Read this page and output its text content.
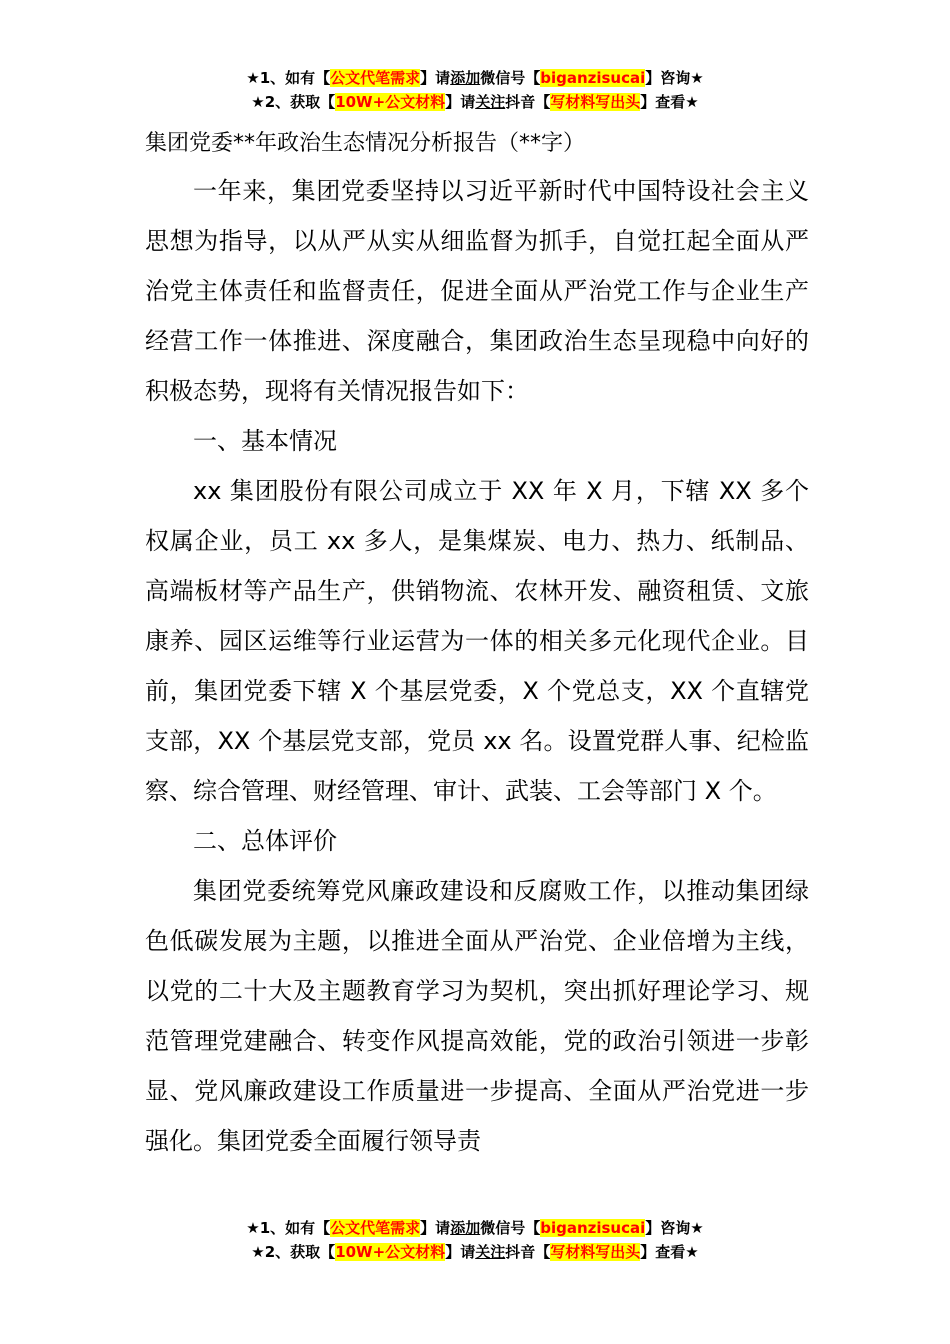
★1、如有【公文代笔需求】请添加微信号【biganzisucai】咨询★
★2、获取【10W+公文材料】请关注抖音【写材料写出头】查看★
集团党委**年政治生态情况分析报告（**字）

一年来，集团党委坚持以习近平新时代中国特设社会主义思想为指导，以从严从实从细监督为抓手，自觉扛起全面从严治党主体责任和监督责任，促进全面从严治党工作与企业生产经营工作一体推进、深度融合，集团政治生态呈现稳中向好的积极态势，现将有关情况报告如下：

一、基本情况

xx 集团股份有限公司成立于 XX 年 X 月，下辖 XX 多个权属企业，员工 xx 多人，是集煤炭、电力、热力、纸制品、高端板材等产品生产，供销物流、农林开发、融资租赁、文旅康养、园区运维等行业运营为一体的相关多元化现代企业。目前，集团党委下辖 X 个基层党委，X 个党总支，XX 个直辖党支部，XX 个基层党支部，党员 xx 名。设置党群人事、纪检监察、综合管理、财经管理、审计、武装、工会等部门 X 个。

二、总体评价

集团党委统筹党风廉政建设和反腐败工作，以推动集团绿色低碳发展为主题，以推进全面从严治党、企业倍增为主线，以党的二十大及主题教育学习为契机，突出抓好理论学习、规范管理党建融合、转变作风提高效能，党的政治引领进一步彰显、党风廉政建设工作质量进一步提高、全面从严治党进一步强化。集团党委全面履行领导责

★1、如有【公文代笔需求】请添加微信号【biganzisucai】咨询★
★2、获取【10W+公文材料】请关注抖音【写材料写出头】查看★
